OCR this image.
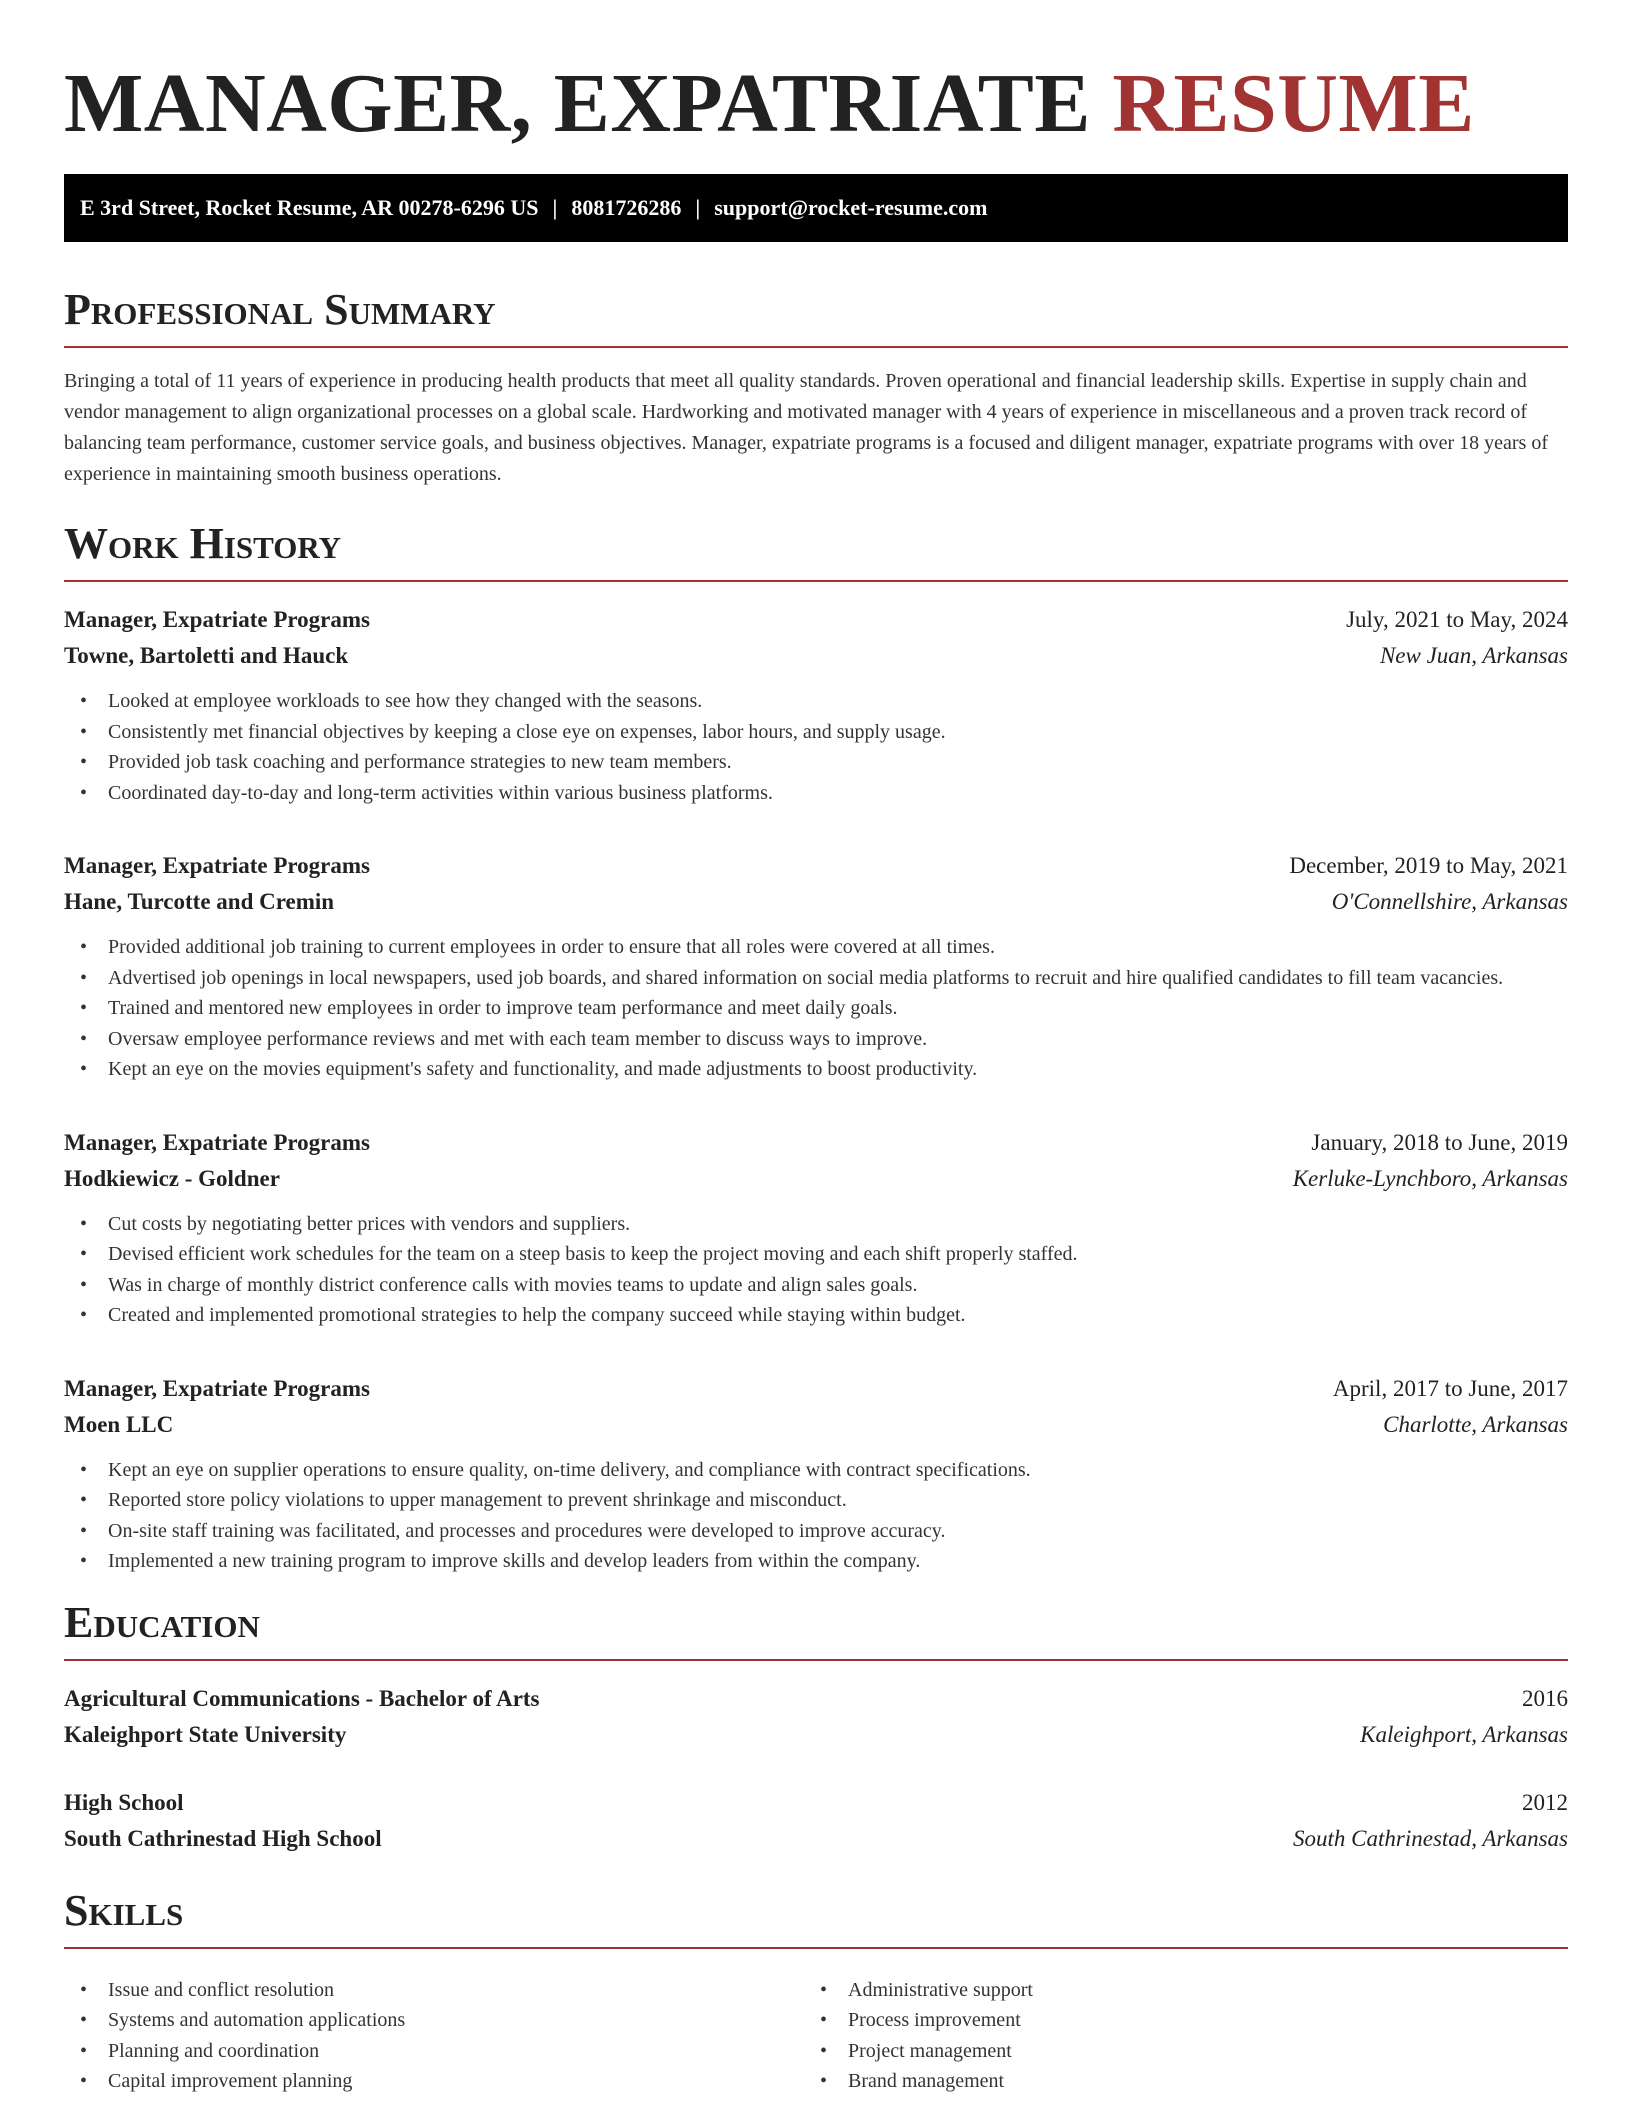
MANAGER, EXPATRIATE RESUME
E 3rd Street, Rocket Resume, AR 00278-6296 US | 8081726286 | support@rocket-resume.com
Professional Summary

Bringing a total of 11 years of experience in producing health products that meet all quality standards. Proven operational and financial leadership skills. Expertise in supply chain and vendor management to align organizational processes on a global scale. Hardworking and motivated manager with 4 years of experience in miscellaneous and a proven track record of balancing team performance, customer service goals, and business objectives. Manager, expatriate programs is a focused and diligent manager, expatriate programs with over 18 years of experience in maintaining smooth business operations.

Work History
Manager, Expatriate Programs	July, 2021 to May, 2024
Towne, Bartoletti and Hauck	New Juan, Arkansas
• Looked at employee workloads to see how they changed with the seasons.
• Consistently met financial objectives by keeping a close eye on expenses, labor hours, and supply usage.
• Provided job task coaching and performance strategies to new team members.
• Coordinated day-to-day and long-term activities within various business platforms.
Manager, Expatriate Programs	December, 2019 to May, 2021
Hane, Turcotte and Cremin	O'Connellshire, Arkansas
• Provided additional job training to current employees in order to ensure that all roles were covered at all times.
• Advertised job openings in local newspapers, used job boards, and shared information on social media platforms to recruit and hire qualified candidates to fill team vacancies.
• Trained and mentored new employees in order to improve team performance and meet daily goals.
• Oversaw employee performance reviews and met with each team member to discuss ways to improve.
• Kept an eye on the movies equipment's safety and functionality, and made adjustments to boost productivity.
Manager, Expatriate Programs	January, 2018 to June, 2019
Hodkiewicz - Goldner	Kerluke-Lynchboro, Arkansas
• Cut costs by negotiating better prices with vendors and suppliers.
• Devised efficient work schedules for the team on a steep basis to keep the project moving and each shift properly staffed.
• Was in charge of monthly district conference calls with movies teams to update and align sales goals.
• Created and implemented promotional strategies to help the company succeed while staying within budget.
Manager, Expatriate Programs	April, 2017 to June, 2017
Moen LLC	Charlotte, Arkansas
• Kept an eye on supplier operations to ensure quality, on-time delivery, and compliance with contract specifications.
• Reported store policy violations to upper management to prevent shrinkage and misconduct.
• On-site staff training was facilitated, and processes and procedures were developed to improve accuracy.
• Implemented a new training program to improve skills and develop leaders from within the company.
Education
Agricultural Communications - Bachelor of Arts	2016
Kaleighport State University	Kaleighport, Arkansas
High School	2012
South Cathrinestad High School	South Cathrinestad, Arkansas
Skills
• Issue and conflict resolution
• Systems and automation applications
• Planning and coordination
• Capital improvement planning
• Administrative support
• Process improvement
• Project management
• Brand management
